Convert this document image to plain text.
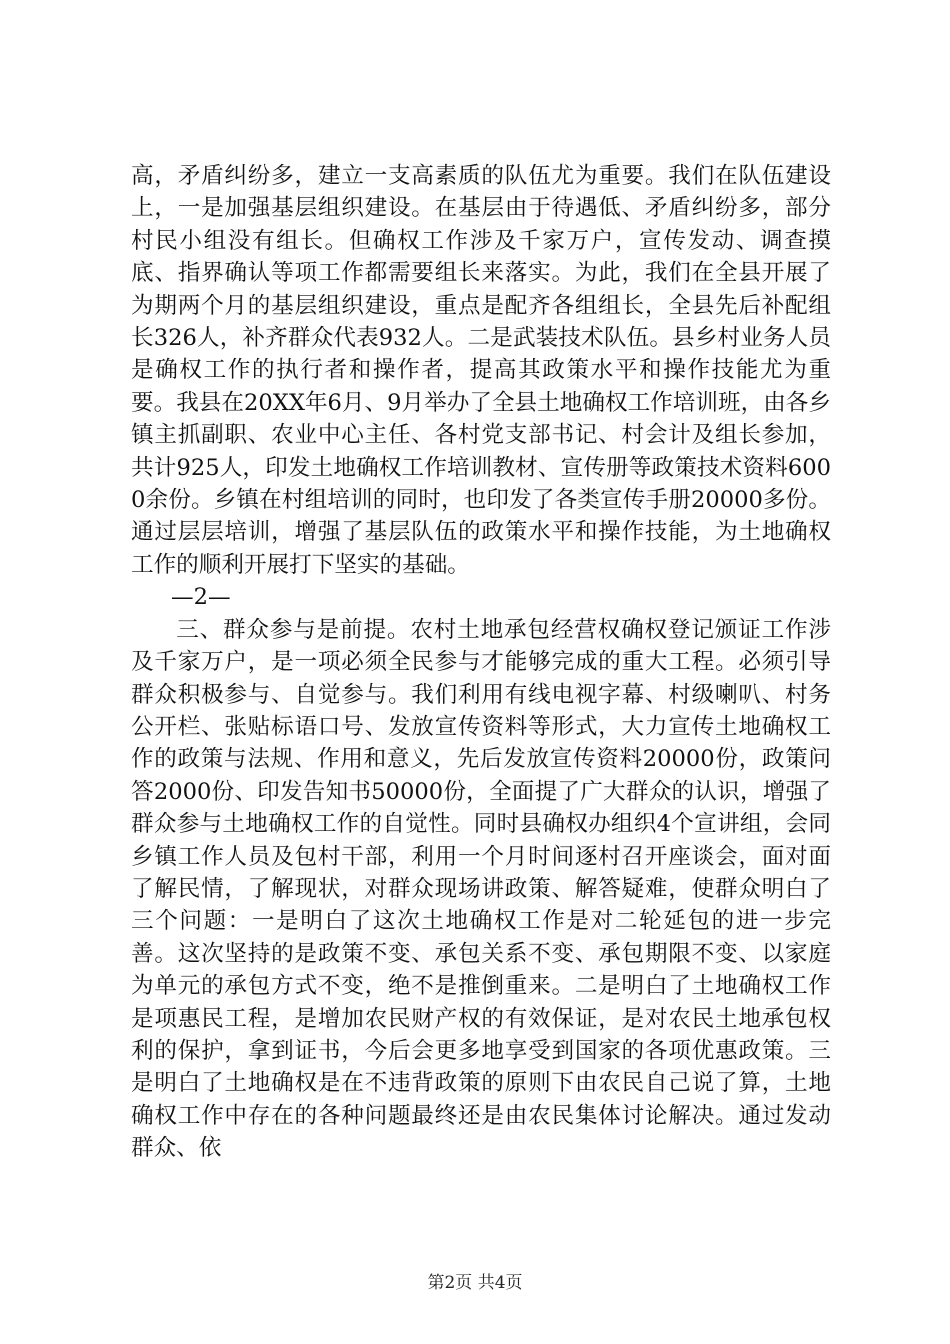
高，矛盾纠纷多，建立一支高素质的队伍尤为重要。我们在队伍建设上，一是加强基层组织建设。在基层由于待遇低、矛盾纠纷多，部分村民小组没有组长。但确权工作涉及千家万户，宣传发动、调查摸底、指界确认等项工作都需要组长来落实。为此，我们在全县开展了为期两个月的基层组织建设，重点是配齐各组组长，全县先后补配组长326人，补齐群众代表932人。二是武装技术队伍。县乡村业务人员是确权工作的执行者和操作者，提高其政策水平和操作技能尤为重要。我县在20XX年6月、9月举办了全县土地确权工作培训班，由各乡镇主抓副职、农业中心主任、各村党支部书记、村会计及组长参加，共计925人，印发土地确权工作培训教材、宣传册等政策技术资料6000余份。乡镇在村组培训的同时，也印发了各类宣传手册20000多份。通过层层培训，增强了基层队伍的政策水平和操作技能，为土地确权工作的顺利开展打下坚实的基础。

—2—

三、群众参与是前提。农村土地承包经营权确权登记颁证工作涉及千家万户，是一项必须全民参与才能够完成的重大工程。必须引导群众积极参与、自觉参与。我们利用有线电视字幕、村级喇叭、村务公开栏、张贴标语口号、发放宣传资料等形式，大力宣传土地确权工作的政策与法规、作用和意义，先后发放宣传资料20000份，政策问答2000份、印发告知书50000份，全面提了广大群众的认识，增强了群众参与土地确权工作的自觉性。同时县确权办组织4个宣讲组，会同乡镇工作人员及包村干部，利用一个月时间逐村召开座谈会，面对面了解民情，了解现状，对群众现场讲政策、解答疑难，使群众明白了三个问题：一是明白了这次土地确权工作是对二轮延包的进一步完善。这次坚持的是政策不变、承包关系不变、承包期限不变、以家庭为单元的承包方式不变，绝不是推倒重来。二是明白了土地确权工作是项惠民工程，是增加农民财产权的有效保证，是对农民土地承包权利的保护，拿到证书，今后会更多地享受到国家的各项优惠政策。三是明白了土地确权是在不违背政策的原则下由农民自己说了算，土地确权工作中存在的各种问题最终还是由农民集体讨论解决。通过发动群众、依

第2页 共4页
